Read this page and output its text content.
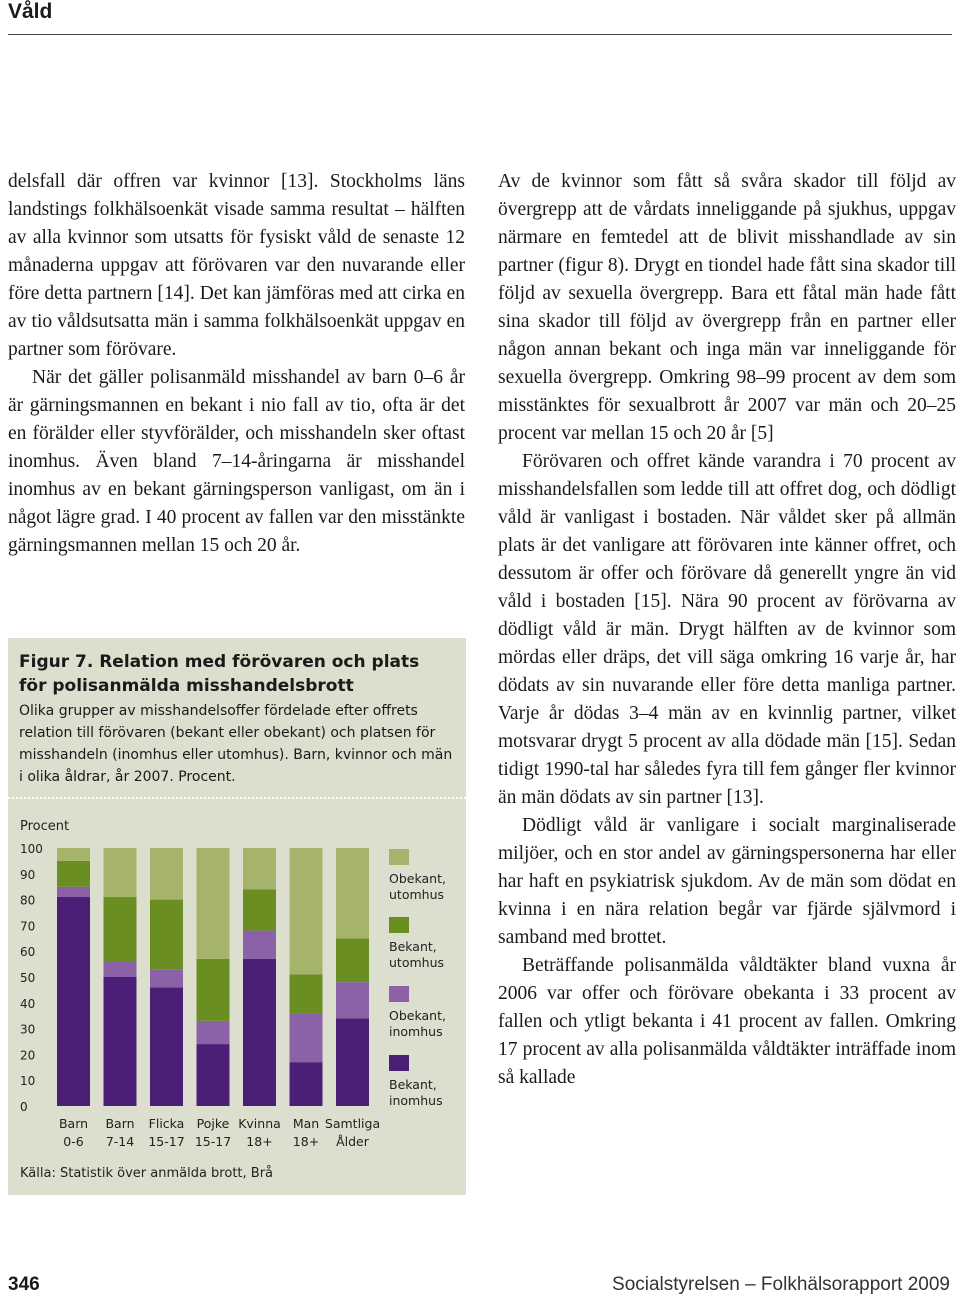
Våld

delsfall där offren var kvinnor [13]. Stockholms läns landstings folkhälsoenkät visade samma resultat – hälften av alla kvinnor som utsatts för fysiskt våld de senaste 12 månaderna uppgav att förövaren var den nuvarande eller före detta partnern [14]. Det kan jämföras med att cirka en av tio våldsutsatta män i samma folkhälsoenkät uppgav en partner som förövare.

När det gäller polisanmäld misshandel av barn 0–6 år är gärningsmannen en bekant i nio fall av tio, ofta är det en förälder eller styvförälder, och misshandeln sker oftast inomhus. Även bland 7–14-åringarna är misshandel inomhus av en bekant gärningsperson vanligast, om än i något lägre grad. I 40 procent av fallen var den misstänkte gärningsmannen mellan 15 och 20 år.

Av de kvinnor som fått så svåra skador till följd av övergrepp att de vårdats inneliggande på sjukhus, uppgav närmare en femtedel att de blivit misshandlade av sin partner (figur 8). Drygt en tiondel hade fått sina skador till följd av sexuella övergrepp. Bara ett fåtal män hade fått sina skador till följd av övergrepp från en partner eller någon annan bekant och inga män var inneliggande för sexuella övergrepp. Omkring 98–99 procent av dem som misstänktes för sexualbrott år 2007 var män och 20–25 procent var mellan 15 och 20 år [5]

Förövaren och offret kände varandra i 70 procent av misshandelsfallen som ledde till att offret dog, och dödligt våld är vanligast i bostaden. När våldet sker på allmän plats är det vanligare att förövaren inte känner offret, och dessutom är offer och förövare då generellt yngre än vid våld i bostaden [15]. Nära 90 procent av förövarna av dödligt våld är män. Drygt hälften av de kvinnor som mördas eller dräps, det vill säga omkring 16 varje år, har dödats av sin nuvarande eller före detta manliga partner. Varje år dödas 3–4 män av en kvinnlig partner, vilket motsvarar drygt 5 procent av alla dödade män [15]. Sedan tidigt 1990-tal har således fyra till fem gånger fler kvinnor än män dödats av sin partner [13].

Dödligt våld är vanligare i socialt marginaliserade miljöer, och en stor andel av gärningspersonerna har eller har haft en psykiatrisk sjukdom. Av de män som dödat en kvinna i en nära relation begår var fjärde självmord i samband med brottet.

Beträffande polisanmälda våldtäkter bland vuxna år 2006 var offer och förövare obekanta i 33 procent av fallen och ytligt bekanta i 41 procent av fallen. Omkring 17 procent av alla polisanmälda våldtäkter inträffade inom så kallade

Figur 7. Relation med förövaren och plats
för polisanmälda misshandelsbrott
Olika grupper av misshandelsoffer fördelade efter offrets relation till förövaren (bekant eller obekant) och platsen för misshandeln (inomhus eller utomhus). Barn, kvinnor och män i olika åldrar, år 2007. Procent.
Procent
0
10
20
30
40
50
60
70
80
90
100
Barn
0-6
Barn
7-14
Flicka
15-17
Pojke
15-17
Kvinna
18+
Man
18+
Samtliga
Ålder
Obekant,
utomhus
Bekant,
utomhus
Obekant,
inomhus
Bekant,
inomhus
Källa: Statistik över anmälda brott, Brå
346	Socialstyrelsen – Folkhälsorapport 2009
